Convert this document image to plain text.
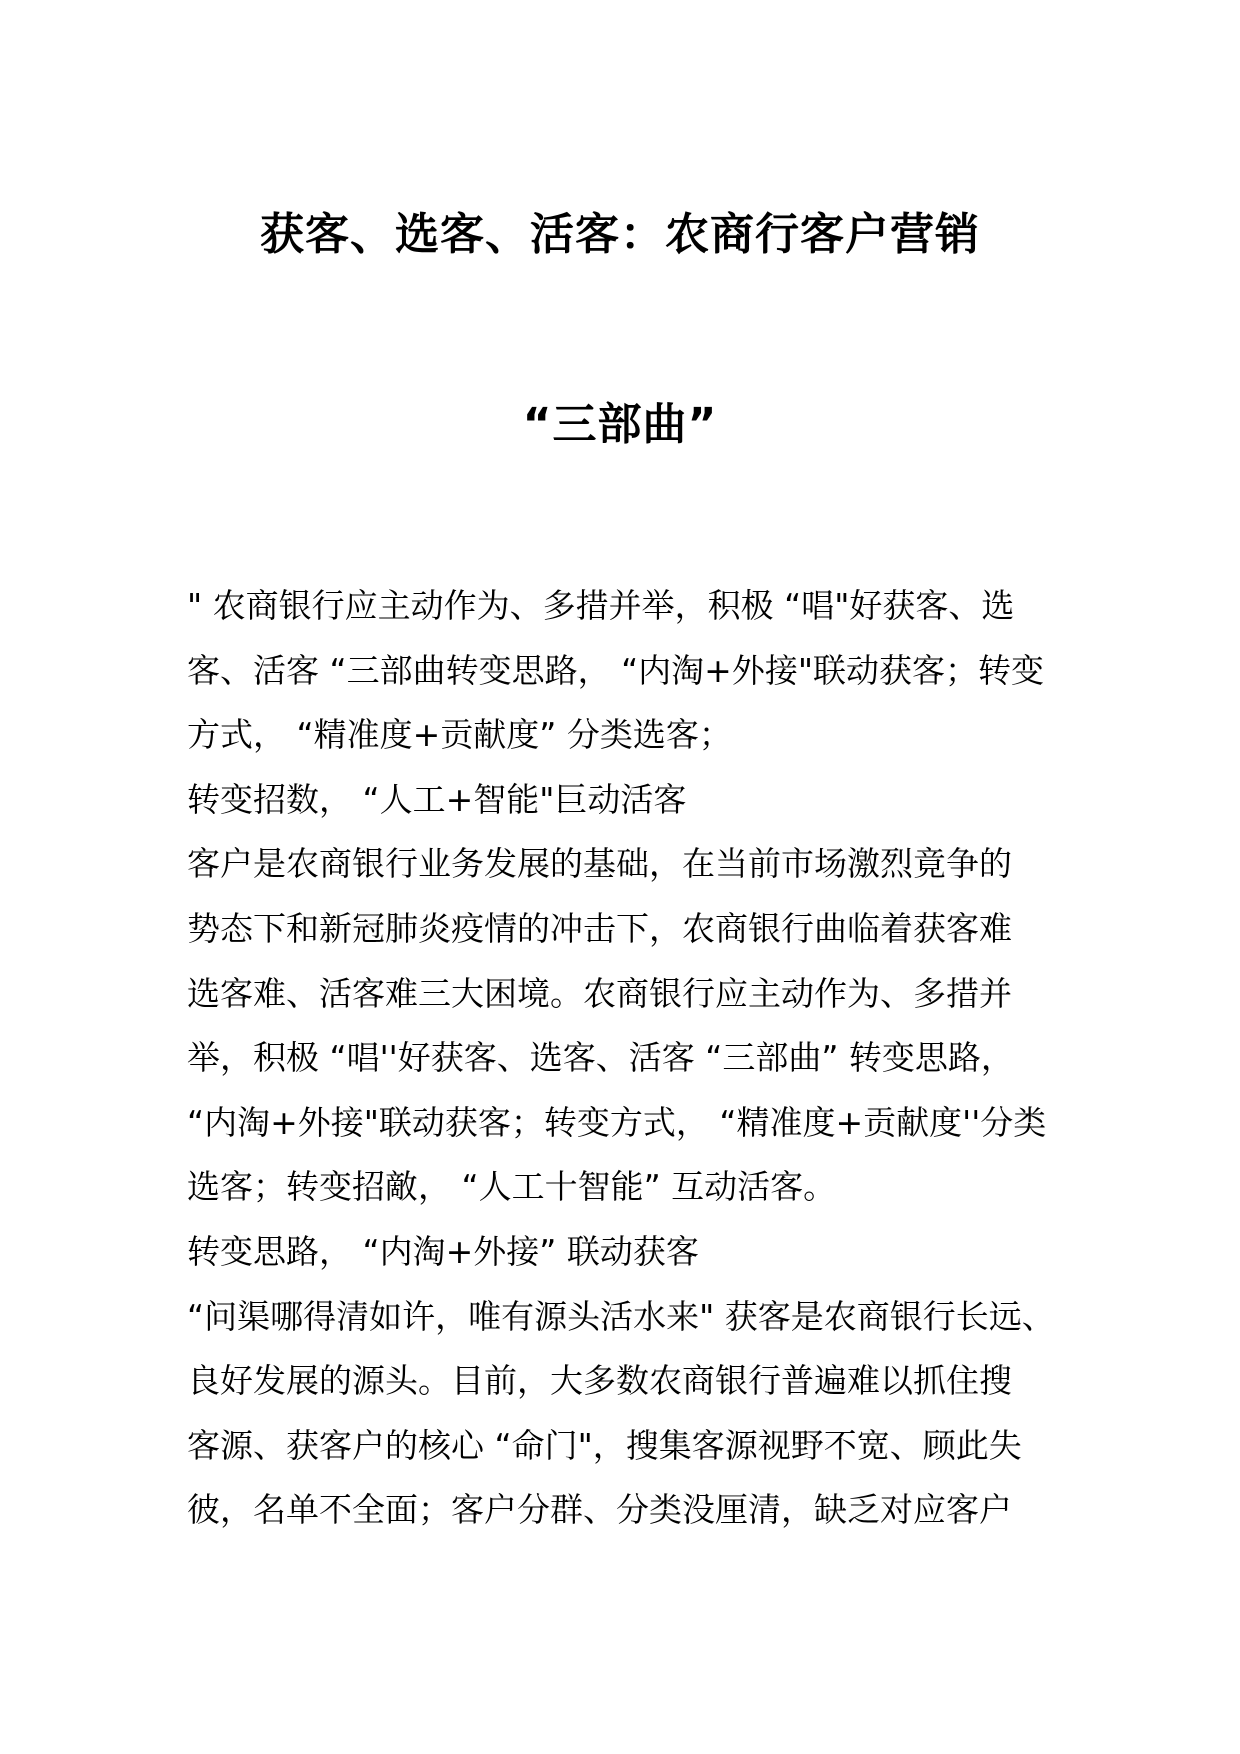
获客、选客、活客：农商行客户营销
“三部曲”

" 农商银行应主动作为、多措并举，积极 “唱"好获客、选

客、活客 “三部曲转变思路， “内淘+外接"联动获客；转变

方式， “精准度+贡献度” 分类选客；

转变招数， “人工+智能"巨动活客

客户是农商银行业务发展的基础，在当前市场激烈竟争的

势态下和新冠肺炎疫情的冲击下，农商银行曲临着获客难

选客难、活客难三大困境。农商银行应主动作为、多措并

举，积极 “唱''好获客、选客、活客 “三部曲” 转变思路，

“内淘+外接"联动获客；转变方式， “精准度+贡献度''分类

选客；转变招敵， “人工十智能” 互动活客。

转变思路， “内淘+外接” 联动获客

“问渠哪得清如许，唯有源头活水来" 获客是农商银行长远、

良好发展的源头。目前，大多数农商银行普遍难以抓住搜

客源、获客户的核心 “命门"，搜集客源视野不宽、顾此失

彼，名单不全面；客户分群、分类没厘清，缺乏对应客户
